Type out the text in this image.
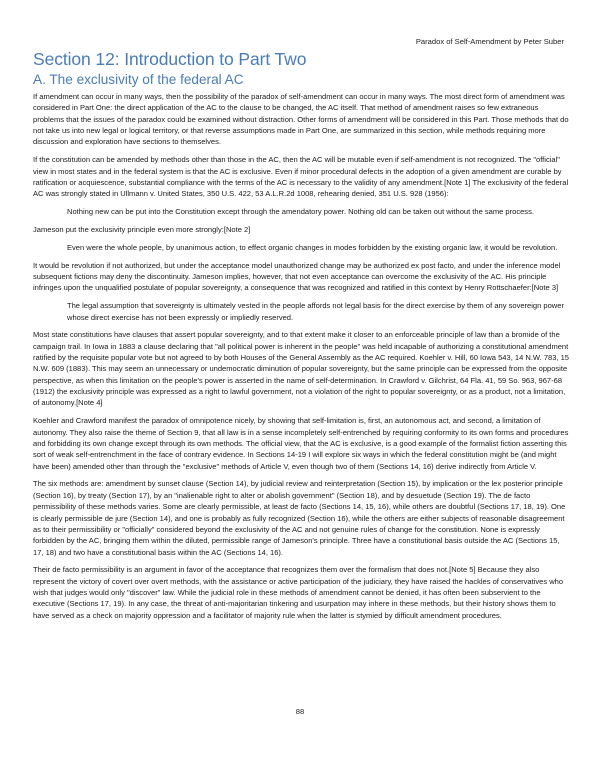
Paradox of Self-Amendment by Peter Suber
Section 12: Introduction to Part Two
A. The exclusivity of the federal AC

If amendment can occur in many ways, then the possibility of the paradox of self-amendment can occur in many ways. The most direct form of amendment was considered in Part One: the direct application of the AC to the clause to be changed, the AC itself. That method of amendment raises so few extraneous problems that the issues of the paradox could be examined without distraction. Other forms of amendment will be considered in this Part. Those methods that do not take us into new legal or logical territory, or that reverse assumptions made in Part One, are summarized in this section, while methods requiring more discussion and exploration have sections to themselves.

If the constitution can be amended by methods other than those in the AC, then the AC will be mutable even if self-amendment is not recognized. The "official" view in most states and in the federal system is that the AC is exclusive. Even if minor procedural defects in the adoption of a given amendment are curable by ratification or acquiescence, substantial compliance with the terms of the AC is necessary to the validity of any amendment.[Note 1] The exclusivity of the federal AC was strongly stated in Ullmann v. United States, 350 U.S. 422, 53 A.L.R.2d 1008, rehearing denied, 351 U.S. 928 (1956):

Nothing new can be put into the Constitution except through the amendatory power. Nothing old can be taken out without the same process.

Jameson put the exclusivity principle even more strongly:[Note 2]

Even were the whole people, by unanimous action, to effect organic changes in modes forbidden by the existing organic law, it would be revolution.

It would be revolution if not authorized, but under the acceptance model unauthorized change may be authorized ex post facto, and under the inference model subsequent fictions may deny the discontinuity. Jameson implies, however, that not even acceptance can overcome the exclusivity of the AC. His principle infringes upon the unqualified postulate of popular sovereignty, a consequence that was recognized and ratified in this context by Henry Rottschaefer:[Note 3]

The legal assumption that sovereignty is ultimately vested in the people affords not legal basis for the direct exercise by them of any sovereign power whose direct exercise has not been expressly or impliedly reserved.

Most state constitutions have clauses that assert popular sovereignty, and to that extent make it closer to an enforceable principle of law than a bromide of the campaign trail. In Iowa in 1883 a clause declaring that "all political power is inherent in the people" was held incapable of authorizing a constitutional amendment ratified by the requisite popular vote but not agreed to by both Houses of the General Assembly as the AC required. Koehler v. Hill, 60 Iowa 543, 14 N.W. 783, 15 N.W. 609 (1883). This may seem an unnecessary or undemocratic diminution of popular sovereignty, but the same principle can be expressed from the opposite perspective, as when this limitation on the people's power is asserted in the name of self-determination. In Crawford v. Gilchrist, 64 Fla. 41, 59 So. 963, 967-68 (1912) the exclusivity principle was expressed as a right to lawful government, not a violation of the right to popular sovereignty, or as a product, not a limitation, of autonomy.[Note 4]

Koehler and Crawford manifest the paradox of omnipotence nicely, by showing that self-limitation is, first, an autonomous act, and second, a limitation of autonomy. They also raise the theme of Section 9, that all law is in a sense incompletely self-entrenched by requiring conformity to its own forms and procedures and forbidding its own change except through its own methods. The official view, that the AC is exclusive, is a good example of the formalist fiction asserting this sort of weak self-entrenchment in the face of contrary evidence. In Sections 14-19 I will explore six ways in which the federal constitution might be (and might have been) amended other than through the "exclusive" methods of Article V, even though two of them (Sections 14, 16) derive indirectly from Article V.

The six methods are: amendment by sunset clause (Section 14), by judicial review and reinterpretation (Section 15), by implication or the lex posterior principle (Section 16), by treaty (Section 17), by an "inalienable right to alter or abolish government" (Section 18), and by desuetude (Section 19). The de facto permissibility of these methods varies. Some are clearly permissible, at least de facto (Sections 14, 15, 16), while others are doubtful (Sections 17, 18, 19). One is clearly permissible de jure (Section 14), and one is probably as fully recognized (Section 16), while the others are either subjects of reasonable disagreement as to their permissibility or "officially" considered beyond the exclusivity of the AC and not genuine rules of change for the constitution. None is expressly forbidden by the AC, bringing them within the diluted, permissible range of Jameson's principle. Three have a constitutional basis outside the AC (Sections 15, 17, 18) and two have a constitutional basis within the AC (Sections 14, 16).

Their de facto permissibility is an argument in favor of the acceptance that recognizes them over the formalism that does not.[Note 5] Because they also represent the victory of covert over overt methods, with the assistance or active participation of the judiciary, they have raised the hackles of conservatives who wish that judges would only "discover" law. While the judicial role in these methods of amendment cannot be denied, it has often been subservient to the executive (Sections 17, 19). In any case, the threat of anti-majoritarian tinkering and usurpation may inhere in these methods, but their history shows them to have served as a check on majority oppression and a facilitator of majority rule when the latter is stymied by difficult amendment procedures.

88
